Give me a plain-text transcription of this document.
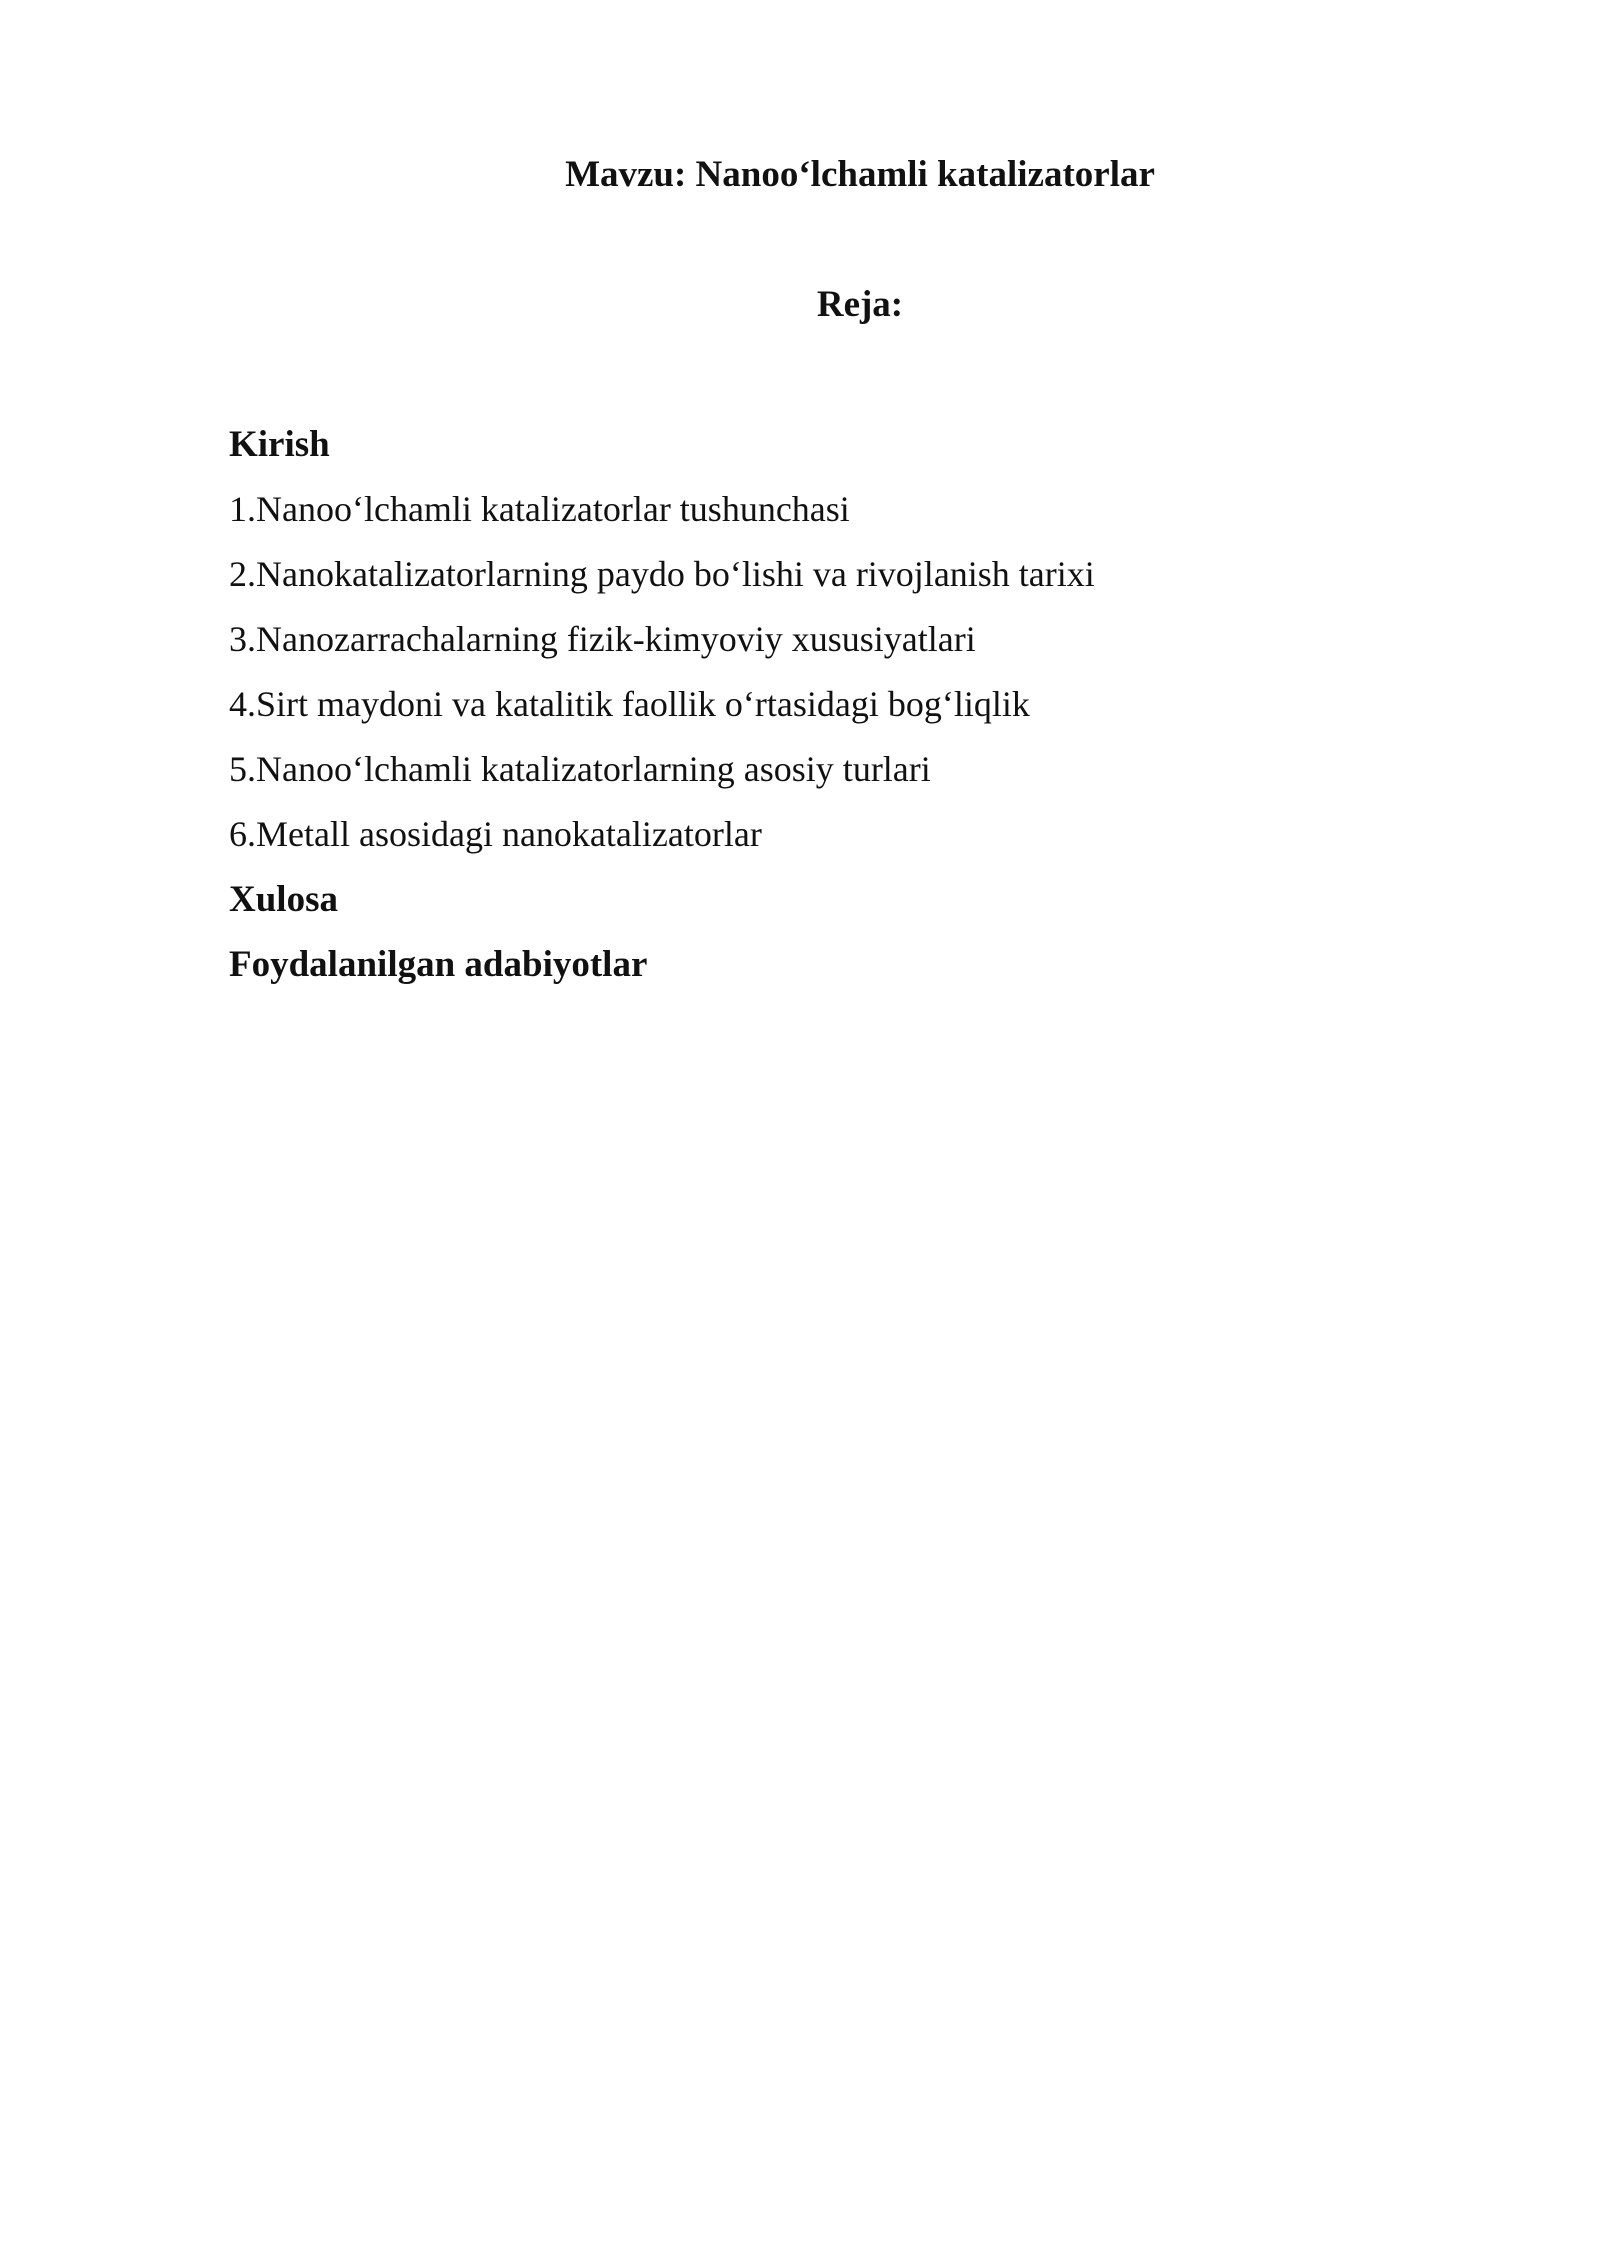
Mavzu: Nanoo‘lchamli katalizatorlar
Reja:
Kirish
1.Nanoo‘lchamli katalizatorlar tushunchasi
2.Nanokatalizatorlarning paydo bo‘lishi va rivojlanish tarixi
3.Nanozarrachalarning fizik-kimyoviy xususiyatlari
4.Sirt maydoni va katalitik faollik o‘rtasidagi bog‘liqlik
5.Nanoo‘lchamli katalizatorlarning asosiy turlari
6.Metall asosidagi nanokatalizatorlar
Xulosa
Foydalanilgan adabiyotlar
